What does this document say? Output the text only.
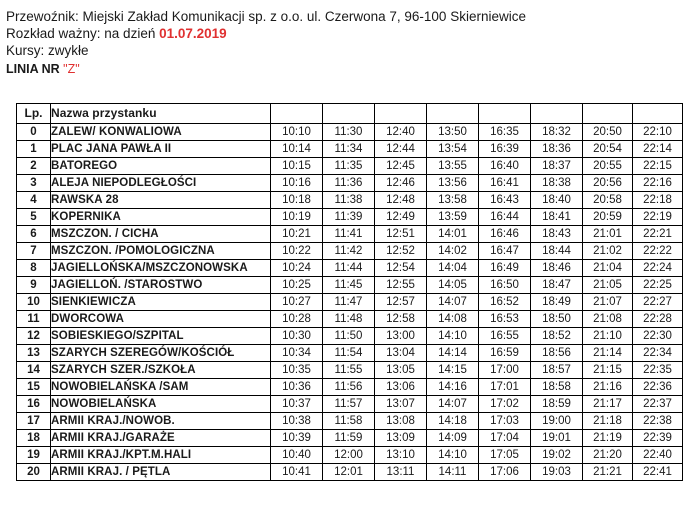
Przewoźnik: Miejski Zakład Komunikacji sp. z o.o. ul. Czerwona 7, 96-100 Skierniewice
Rozkład ważny: na dzień 01.07.2019
Kursy: zwykłe
LINIA NR "Z"
Lp.	Nazwa przystanku								
0	ZALEW/ KONWALIOWA	10:10	11:30	12:40	13:50	16:35	18:32	20:50	22:10
1	PLAC JANA PAWŁA II	10:14	11:34	12:44	13:54	16:39	18:36	20:54	22:14
2	BATOREGO	10:15	11:35	12:45	13:55	16:40	18:37	20:55	22:15
3	ALEJA NIEPODLEGŁOŚCI	10:16	11:36	12:46	13:56	16:41	18:38	20:56	22:16
4	RAWSKA 28	10:18	11:38	12:48	13:58	16:43	18:40	20:58	22:18
5	KOPERNIKA	10:19	11:39	12:49	13:59	16:44	18:41	20:59	22:19
6	MSZCZON. / CICHA	10:21	11:41	12:51	14:01	16:46	18:43	21:01	22:21
7	MSZCZON. /POMOLOGICZNA	10:22	11:42	12:52	14:02	16:47	18:44	21:02	22:22
8	JAGIELLOŃSKA/MSZCZONOWSKA	10:24	11:44	12:54	14:04	16:49	18:46	21:04	22:24
9	JAGIELLOŃ. /STAROSTWO	10:25	11:45	12:55	14:05	16:50	18:47	21:05	22:25
10	SIENKIEWICZA	10:27	11:47	12:57	14:07	16:52	18:49	21:07	22:27
11	DWORCOWA	10:28	11:48	12:58	14:08	16:53	18:50	21:08	22:28
12	SOBIESKIEGO/SZPITAL	10:30	11:50	13:00	14:10	16:55	18:52	21:10	22:30
13	SZARYCH SZEREGÓW/KOŚCIÓŁ	10:34	11:54	13:04	14:14	16:59	18:56	21:14	22:34
14	SZARYCH SZER./SZKOŁA	10:35	11:55	13:05	14:15	17:00	18:57	21:15	22:35
15	NOWOBIELAŃSKA /SAM	10:36	11:56	13:06	14:16	17:01	18:58	21:16	22:36
16	NOWOBIELAŃSKA	10:37	11:57	13:07	14:07	17:02	18:59	21:17	22:37
17	ARMII KRAJ./NOWOB.	10:38	11:58	13:08	14:18	17:03	19:00	21:18	22:38
18	ARMII KRAJ./GARAŻE	10:39	11:59	13:09	14:09	17:04	19:01	21:19	22:39
19	ARMII KRAJ./KPT.M.HALI	10:40	12:00	13:10	14:10	17:05	19:02	21:20	22:40
20	ARMII KRAJ. / PĘTLA	10:41	12:01	13:11	14:11	17:06	19:03	21:21	22:41
